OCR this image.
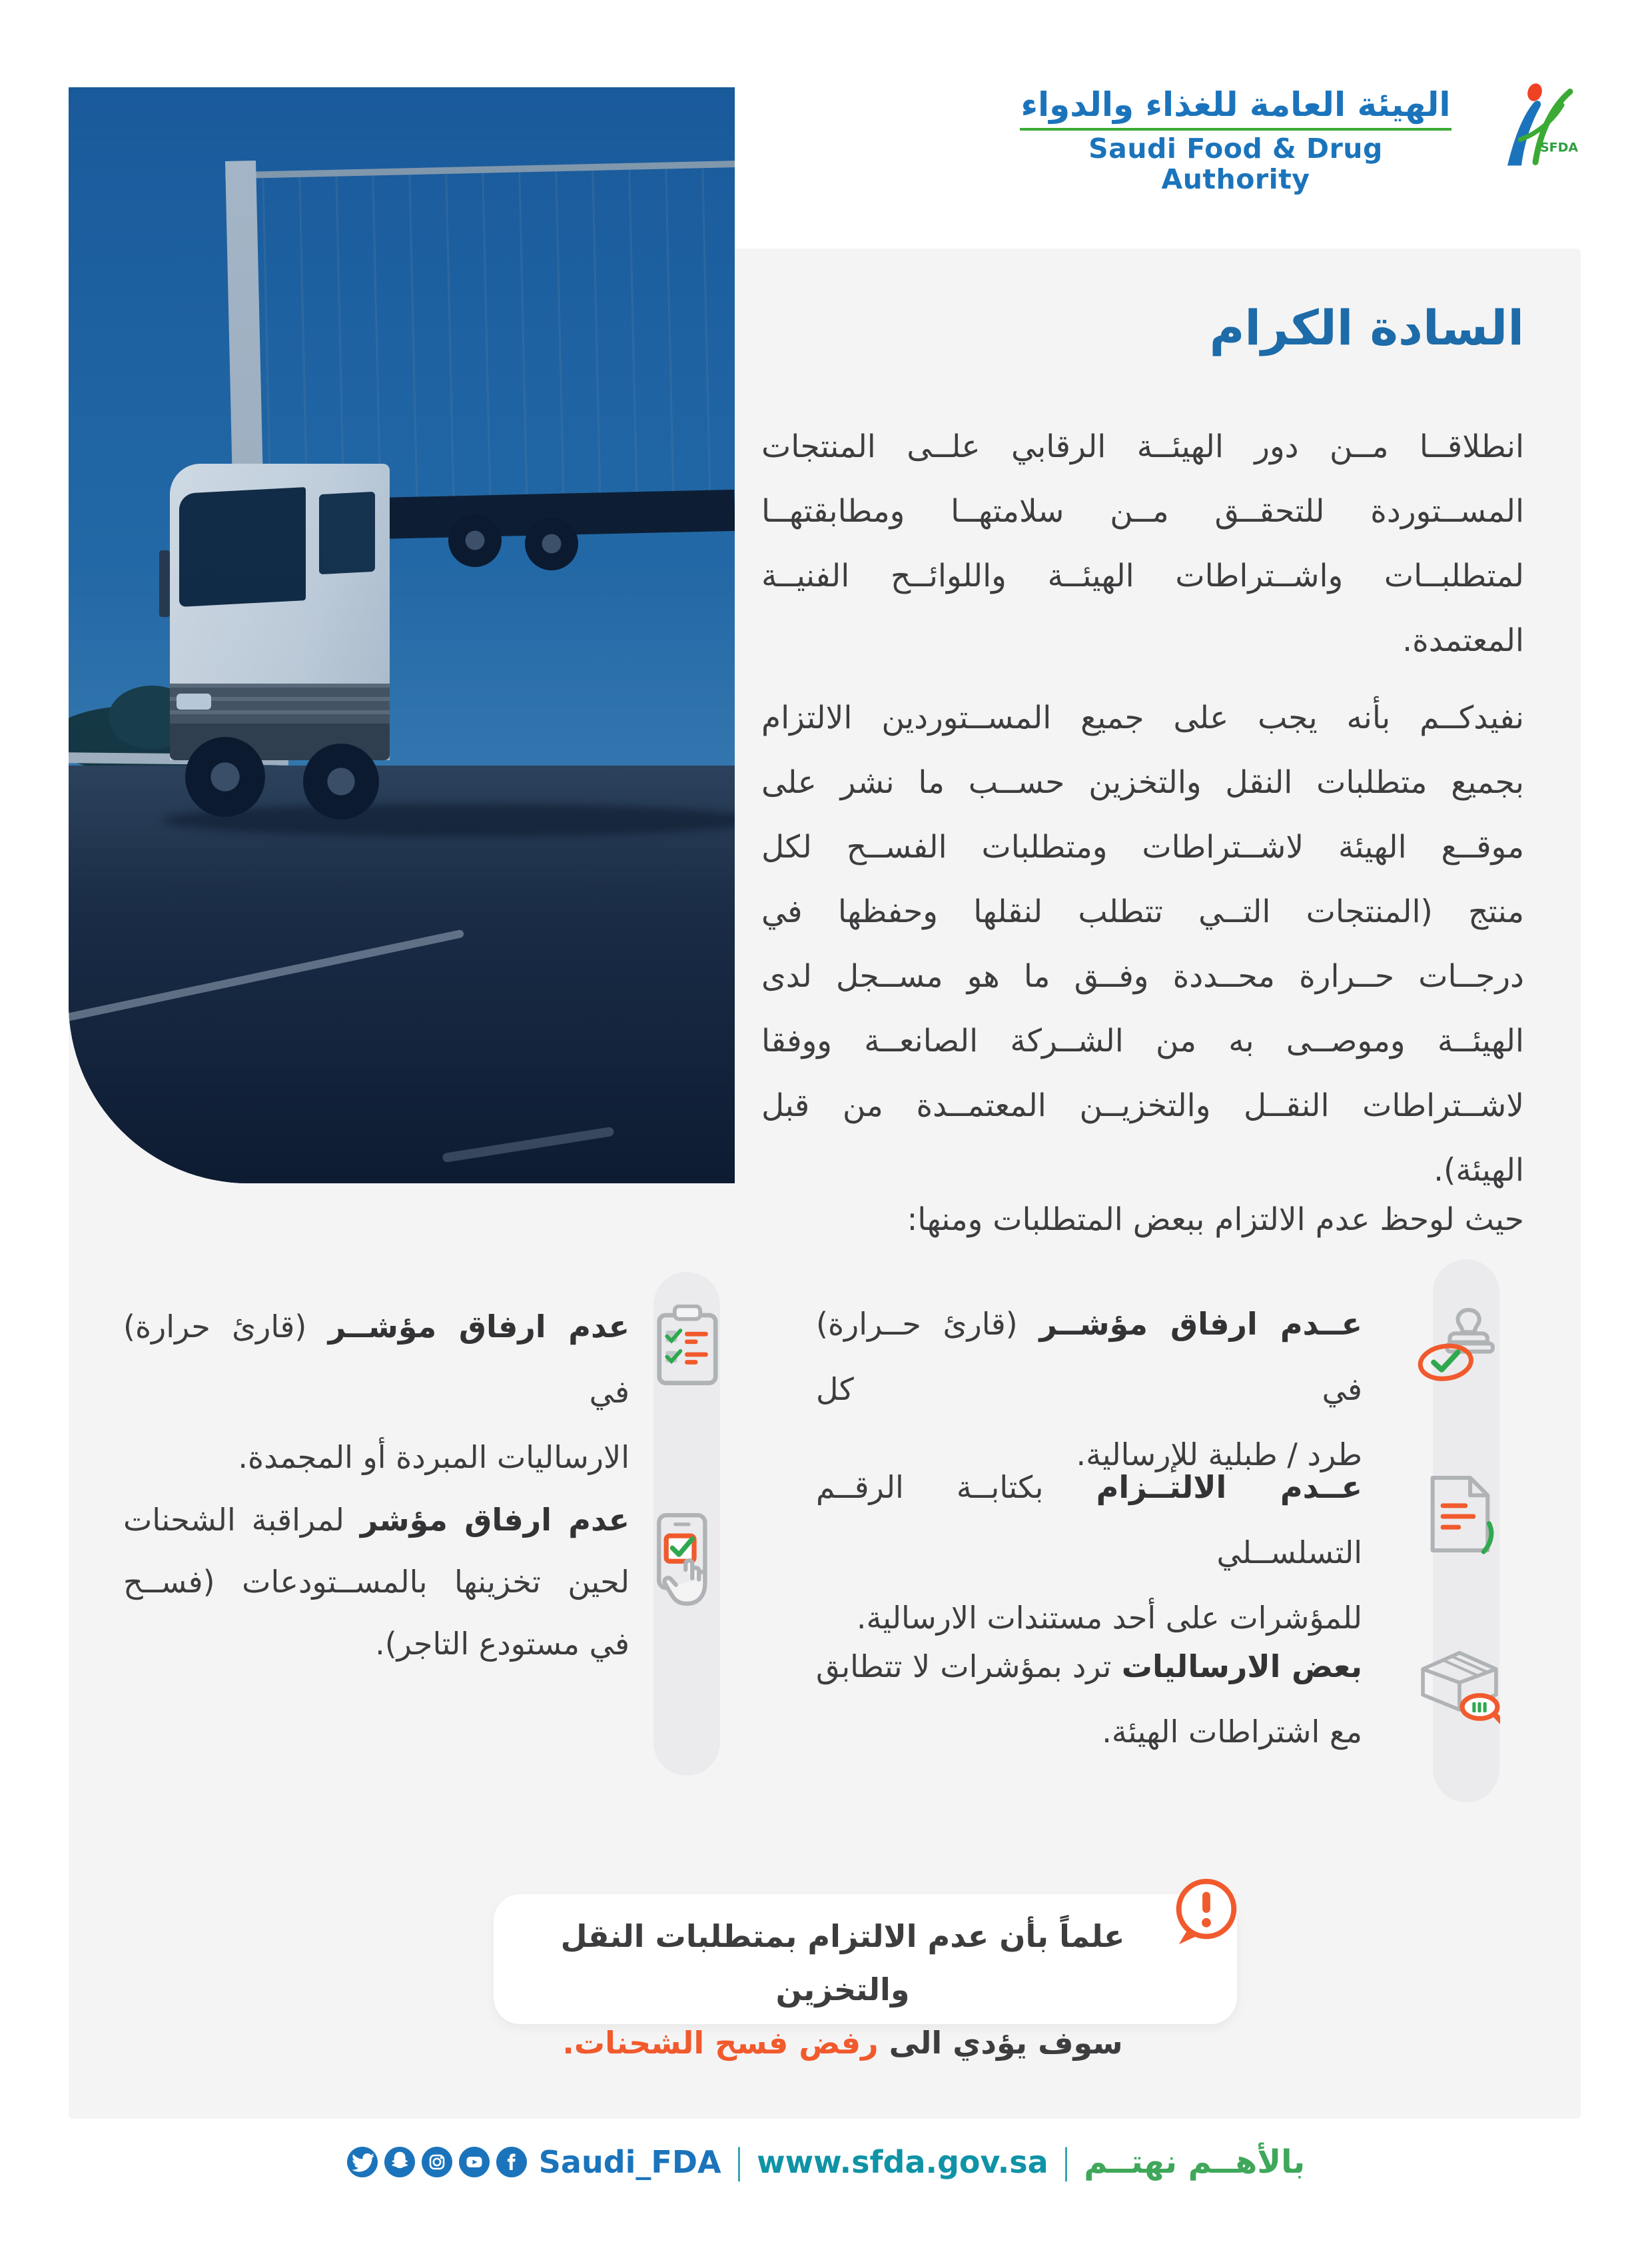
الهيئة العامة للغذاء والدواء
Saudi Food & Drug Authority
SFDA
السادة الكرام
انطلاقــا مــن دور الهيئــة الرقابي علــى المنتجات
المســتوردة للتحقــق مــن سلامتهــا ومطابقتهــا
لمتطلبــات واشــتراطات الهيئــة واللوائــح الفنيــة
المعتمدة.
نفيدكــم بأنه يجب على جميع المســتوردين الالتزام
بجميع متطلبات النقل والتخزين حســب ما نشر على
موقــع الهيئة لاشــتراطات ومتطلبات الفســح لكل
منتج (المنتجات التــي تتطلب لنقلها وحفظها في
درجــات حــرارة محــددة وفــق ما هو مســجل لدى
الهيئــة وموصــى به من الشــركة الصانعــة ووفقا
لاشــتراطات النقــل والتخزيــن المعتمــدة من قبل
الهيئة).
حيث لوحظ عدم الالتزام ببعض المتطلبات ومنها:
عــدم ارفاق مؤشــر (قارئ حــرارة) في كل
طرد / طبلية للإرسالية.
عــدم الالتــزام بكتابــة الرقــم التسلســلي
للمؤشرات على أحد مستندات الارسالية.
بعض الارساليات ترد بمؤشرات لا تتطابق
مع اشتراطات الهيئة.
عدم ارفاق مؤشــر (قارئ حرارة) في
الارساليات المبردة أو المجمدة.
عدم ارفاق مؤشر لمراقبة الشحنات
لحين تخزينها بالمســتودعات (فســح
في مستودع التاجر).
علماً بأن عدم الالتزام بمتطلبات النقل والتخزين
سوف يؤدي الى رفض فسح الشحنات.
Saudi_FDA | www.sfda.gov.sa | بالأهــم نهتــم
